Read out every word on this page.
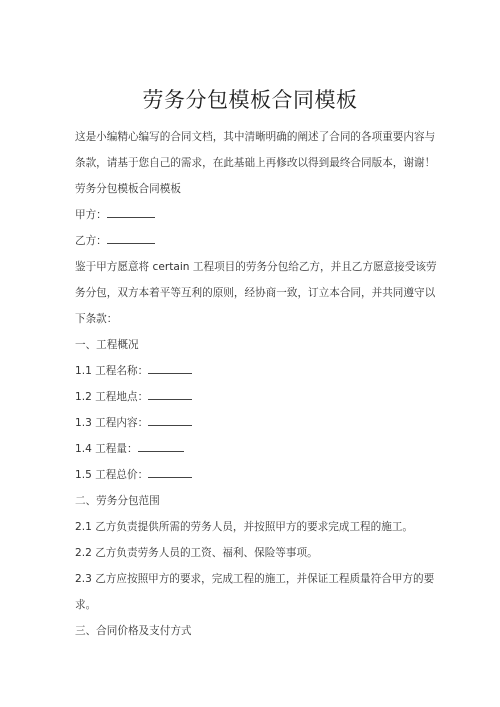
劳务分包模板合同模板
这是小编精心编写的合同文档，其中清晰明确的阐述了合同的各项重要内容与
条款，请基于您自己的需求，在此基础上再修改以得到最终合同版本，谢谢！
劳务分包模板合同模板
甲方：
乙方：
鉴于甲方愿意将 certain 工程项目的劳务分包给乙方，并且乙方愿意接受该劳
务分包，双方本着平等互利的原则，经协商一致，订立本合同，并共同遵守以
下条款：
一、工程概况
1.1 工程名称：
1.2 工程地点：
1.3 工程内容：
1.4 工程量：
1.5 工程总价：
二、劳务分包范围
2.1 乙方负责提供所需的劳务人员，并按照甲方的要求完成工程的施工。
2.2 乙方负责劳务人员的工资、福利、保险等事项。
2.3 乙方应按照甲方的要求，完成工程的施工，并保证工程质量符合甲方的要
求。
三、合同价格及支付方式
